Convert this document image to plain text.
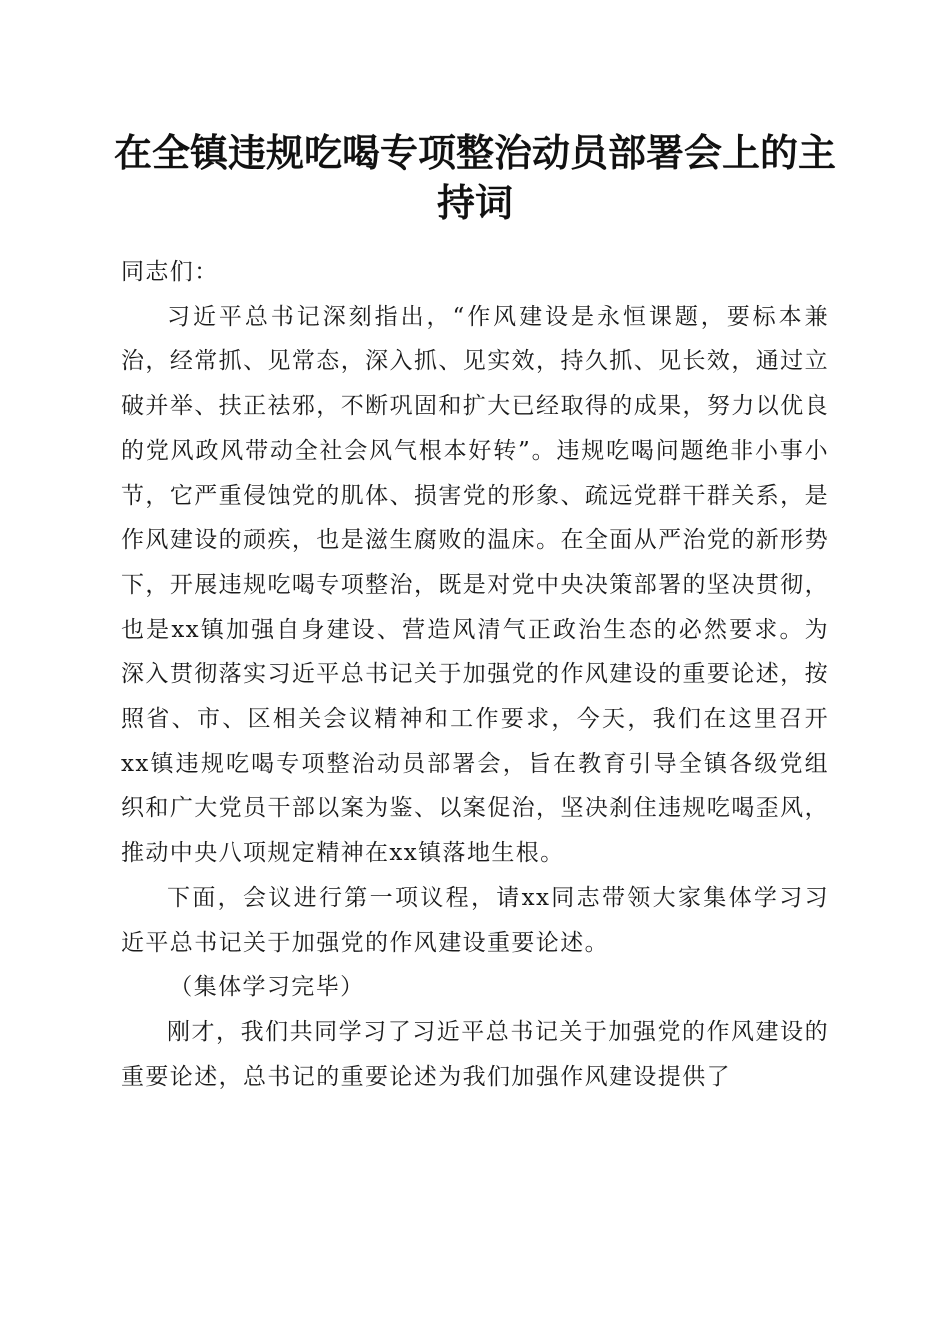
在全镇违规吃喝专项整治动员部署会上的主持词

同志们：

习近平总书记深刻指出，“作风建设是永恒课题，要标本兼治，经常抓、见常态，深入抓、见实效，持久抓、见长效，通过立破并举、扶正祛邪，不断巩固和扩大已经取得的成果，努力以优良的党风政风带动全社会风气根本好转”。违规吃喝问题绝非小事小节，它严重侵蚀党的肌体、损害党的形象、疏远党群干群关系，是作风建设的顽疾，也是滋生腐败的温床。在全面从严治党的新形势下，开展违规吃喝专项整治，既是对党中央决策部署的坚决贯彻，也是xx镇加强自身建设、营造风清气正政治生态的必然要求。为深入贯彻落实习近平总书记关于加强党的作风建设的重要论述，按照省、市、区相关会议精神和工作要求，今天，我们在这里召开xx镇违规吃喝专项整治动员部署会，旨在教育引导全镇各级党组织和广大党员干部以案为鉴、以案促治，坚决刹住违规吃喝歪风，推动中央八项规定精神在xx镇落地生根。

下面，会议进行第一项议程，请xx同志带领大家集体学习习近平总书记关于加强党的作风建设重要论述。

（集体学习完毕）

刚才，我们共同学习了习近平总书记关于加强党的作风建设的重要论述，总书记的重要论述为我们加强作风建设提供了
